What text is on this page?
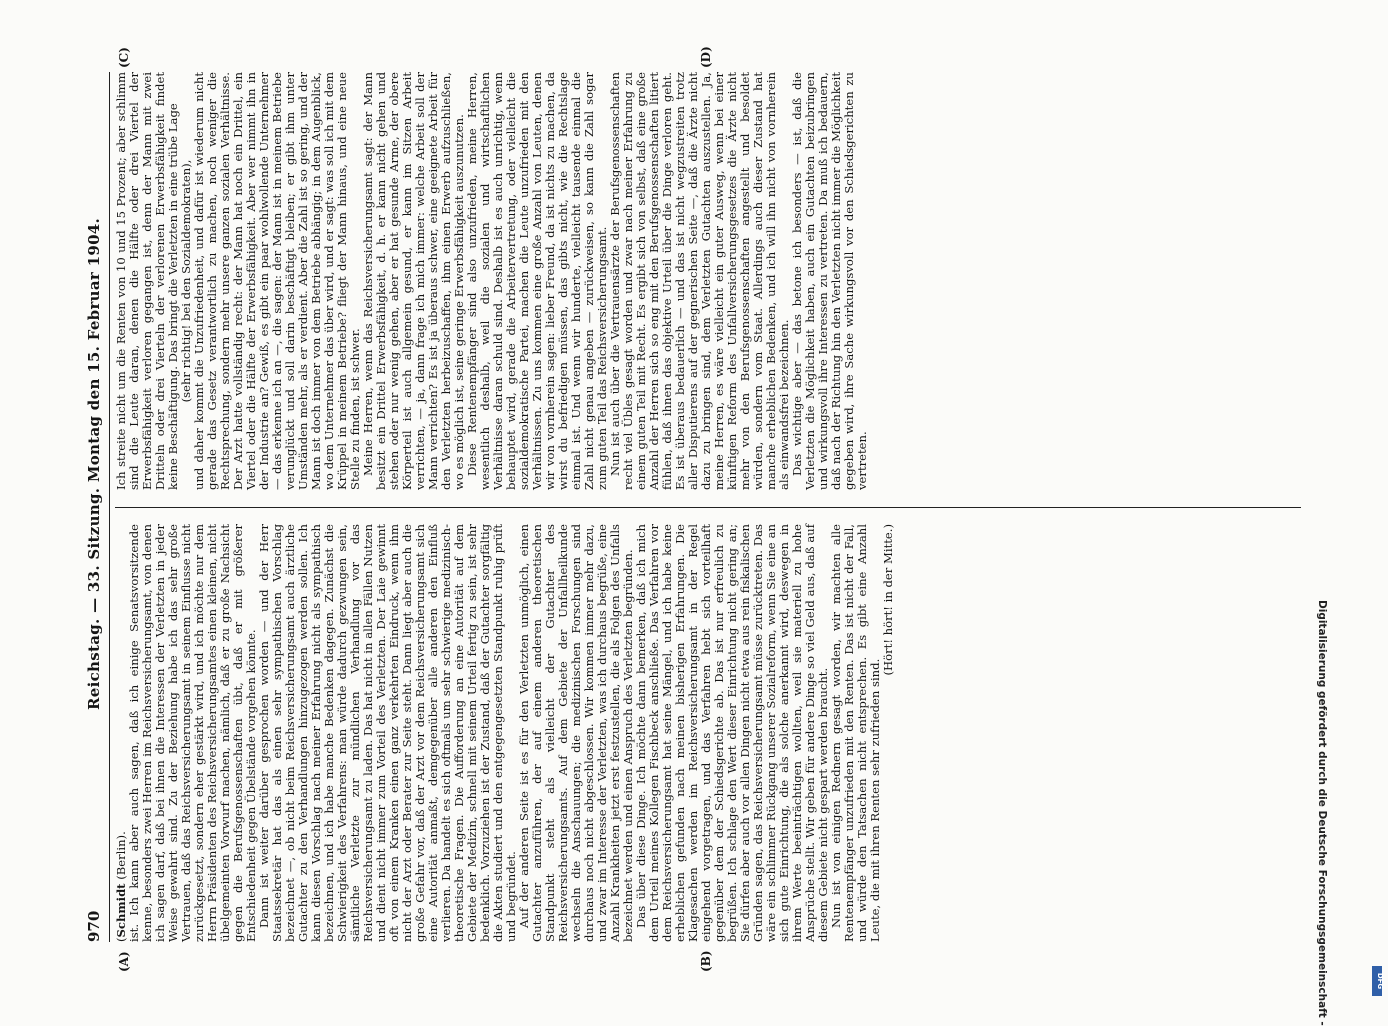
970
Reichstag. — 33. Sitzung. Montag den 15. Februar 1904.
(A)	(B)
(C)	(D)

(Schmidt (Berlin). ist. Ich kann aber auch sagen, daß ich einige Senatsvorsitzende kenne, besonders zwei Herren im Reichsversicherungsamt, von denen ich sagen darf, daß bei ihnen die Interessen der Verletzten in jeder Weise gewahrt sind. Zu der Beziehung habe ich das sehr große Vertrauen, daß das Reichsversicherungsamt in seinem Einflusse nicht zurückgesetzt, sondern eher gestärkt wird, und ich möchte nur dem Herrn Präsidenten des Reichsversicherungsamtes einen kleinen, nicht übelgemeinten Vorwurf machen, nämlich, daß er zu große Nachsicht gegen die Berufsgenossenschaften übt, daß er mit größerer Entschiedenheit gegen Übelstände vorgehen könnte. Dann ist weiter darüber gesprochen worden — und der Herr Staatssekretär hat das als einen sehr sympathischen Vorschlag bezeichnet —, ob nicht beim Reichsversicherungsamt auch ärztliche Gutachter zu den Verhandlungen hinzugezogen werden sollen. Ich kann diesen Vorschlag nach meiner Erfahrung nicht als sympathisch bezeichnen, und ich habe manche Bedenken dagegen. Zunächst die Schwierigkeit des Verfahrens: man würde dadurch gezwungen sein, sämtliche Verletzte zur mündlichen Verhandlung vor das Reichsversicherungsamt zu laden. Das hat nicht in allen Fällen Nutzen und dient nicht immer zum Vorteil des Verletzten. Der Laie gewinnt oft von einem Kranken einen ganz verkehrten Eindruck, wenn ihm nicht der Arzt oder Berater zur Seite steht. Dann liegt aber auch die große Gefahr vor, daß der Arzt vor dem Reichsversicherungsamt sich eine Autorität anmaßt, demgegenüber alle anderen den Einfluß verlieren. Da handelt es sich oftmals um sehr schwierige medizinisch-theoretische Fragen. Die Aufforderung an eine Autorität auf dem Gebiete der Medizin, schnell mit seinem Urteil fertig zu sein, ist sehr bedenklich. Vorzuziehen ist der Zustand, daß der Gutachter sorgfältig die Akten studiert und den entgegengesetzten Standpunkt ruhig prüft und begründet. Auf der anderen Seite ist es für den Verletzten unmöglich, einen Gutachter anzuführen, der auf einem anderen theoretischen Standpunkt steht als vielleicht der Gutachter des Reichsversicherungsamts. Auf dem Gebiete der Unfallheilkunde wechseln die Anschauungen; die medizinischen Forschungen sind durchaus noch nicht abgeschlossen. Wir kommen immer mehr dazu, und zwar im Interesse der Verletzten, was ich durchaus begrüße, eine Anzahl Krankheiten jetzt erst festzustellen, die als Folgen des Unfalls bezeichnet werden und einen Anspruch des Verletzten begründen. Das über diese Dinge. Ich möchte dann bemerken, daß ich mich dem Urteil meines Kollegen Fischbeck anschließe. Das Verfahren vor dem Reichsversicherungsamt hat seine Mängel, und ich habe keine erheblichen gefunden nach meinen bisherigen Erfahrungen. Die Klagesachen werden im Reichsversicherungsamt in der Regel eingehend vorgetragen, und das Verfahren hebt sich vorteilhaft gegenüber dem der Schiedsgerichte ab. Das ist nur erfreulich zu begrüßen. Ich schlage den Wert dieser Einrichtung nicht gering an; Sie dürfen aber auch vor allen Dingen nicht etwa aus rein fiskalischen Gründen sagen, das Reichsversicherungsamt müsse zurücktreten. Das wäre ein schlimmer Rückgang unserer Sozialreform, wenn Sie eine an sich gute Einrichtung, die als solche anerkannt wird, deswegen in ihrem Werte beeinträchtigen wollten, weil sie materiell zu hohe Ansprüche stellt. Wir geben für andere Dinge so viel Geld aus, daß auf diesem Gebiete nicht gespart werden braucht. Nun ist von einigen Rednern gesagt worden, wir machten alle Rentenempfänger unzufrieden mit den Renten. Das ist nicht der Fall, und würde den Tatsachen nicht entsprechen. Es gibt eine Anzahl Leute, die mit ihren Renten sehr zufrieden sind.

(Hört! hört! in der Mitte.)

Ich streite nicht um die Renten von 10 und 15 Prozent; aber schlimm sind die Leute daran, denen die Hälfte oder drei Viertel der Erwerbsfähigkeit verloren gegangen ist, denn der Mann mit zwei Dritteln oder drei Vierteln der verlorenen Erwerbsfähigkeit findet keine Beschäftigung. Das bringt die Verletzten in eine trübe Lage (sehr richtig! bei den Sozialdemokraten), und daher kommt die Unzufriedenheit, und dafür ist wiederum nicht gerade das Gesetz verantwortlich zu machen, noch weniger die Rechtsprechung, sondern mehr unsere ganzen sozialen Verhältnisse. Der Arzt hatte vollständig recht: der Mann hat noch ein Drittel, ein Viertel oder die Hälfte der Erwerbsfähigkeit. Aber wer nimmt ihn in der Industrie an? Gewiß, es gibt ein paar wohlwollende Unternehmer — das erkenne ich an —, die sagen: der Mann ist in meinem Betriebe verunglückt und soll darin beschäftigt bleiben; er gibt ihm unter Umständen mehr, als er verdient. Aber die Zahl ist so gering, und der Mann ist doch immer von dem Betriebe abhängig; in dem Augenblick, wo dem Unternehmer das über wird, und er sagt: was soll ich mit dem Krüppel in meinem Betriebe? fliegt der Mann hinaus, und eine neue Stelle zu finden, ist schwer. Meine Herren, wenn das Reichsversicherungsamt sagt: der Mann besitzt ein Drittel Erwerbsfähigkeit, d. h. er kann nicht gehen und stehen oder nur wenig gehen, aber er hat gesunde Arme, der obere Körperteil ist auch allgemein gesund, er kann im Sitzen Arbeit verrichten, — ja, dann frage ich mich immer: welche Arbeit soll der Mann verrichten? Es ist ja überaus schwer, eine geeignete Arbeit für den Verletzten herbeizuschaffen, ihm einen Erwerb aufzuschließen, wo es möglich ist, seine geringe Erwerbsfähigkeit auszunutzen. Diese Rentenempfänger sind also unzufrieden, meine Herren, wesentlich deshalb, weil die sozialen und wirtschaftlichen Verhältnisse daran schuld sind. Deshalb ist es auch unrichtig, wenn behauptet wird, gerade die Arbeitervertretung, oder vielleicht die sozialdemokratische Partei, machen die Leute unzufrieden mit den Verhältnissen. Zu uns kommen eine große Anzahl von Leuten, denen wir von vornherein sagen: lieber Freund, da ist nichts zu machen, da wirst du befriedigen müssen, das gibts nicht, wie die Rechtslage einmal ist. Und wenn wir hunderte, vielleicht tausende einmal die Zahl nicht genau angeben — zurückweisen, so kann die Zahl sogar zum guten Teil das Reichsversicherungsamt. Nun ist auch über die Vertrauensärzte der Berufsgenossenschaften recht viel Übles gesagt worden und zwar nach meiner Erfahrung zu einem guten Teil mit Recht. Es ergibt sich von selbst, daß eine große Anzahl der Herren sich so eng mit den Berufsgenossenschaften litiert fühlen, daß ihnen das objektive Urteil über die Dinge verloren geht. Es ist überaus bedauerlich — und das ist nicht wegzustreiten trotz aller Disputierens auf der gegnerischen Seite —, daß die Ärzte nicht dazu zu bringen sind, dem Verletzten Gutachten auszustellen. Ja, meine Herren, es wäre vielleicht ein guter Ausweg, wenn bei einer künftigen Reform des Unfallversicherungsgesetzes die Ärzte nicht mehr von den Berufsgenossenschaften angestellt und besoldet würden, sondern vom Staat. Allerdings auch dieser Zustand hat manche erheblichen Bedenken, und ich will ihn nicht von vornherein als einwandsfrei bezeichnen. Das wichtige aber — das betone ich besonders — ist, daß die Verletzten die Möglichkeit haben, auch ein Gutachten beizubringen und wirkungsvoll ihre Interessen zu vertreten. Da muß ich bedauern, daß nach der Richtung hin den Verletzten nicht immer die Möglichkeit gegeben wird, ihre Sache wirkungsvoll vor den Schiedsgerichten zu vertreten.

Digitalisierung gefördert durch die Deutsche Forschungsgemeinschaft -	DFG
